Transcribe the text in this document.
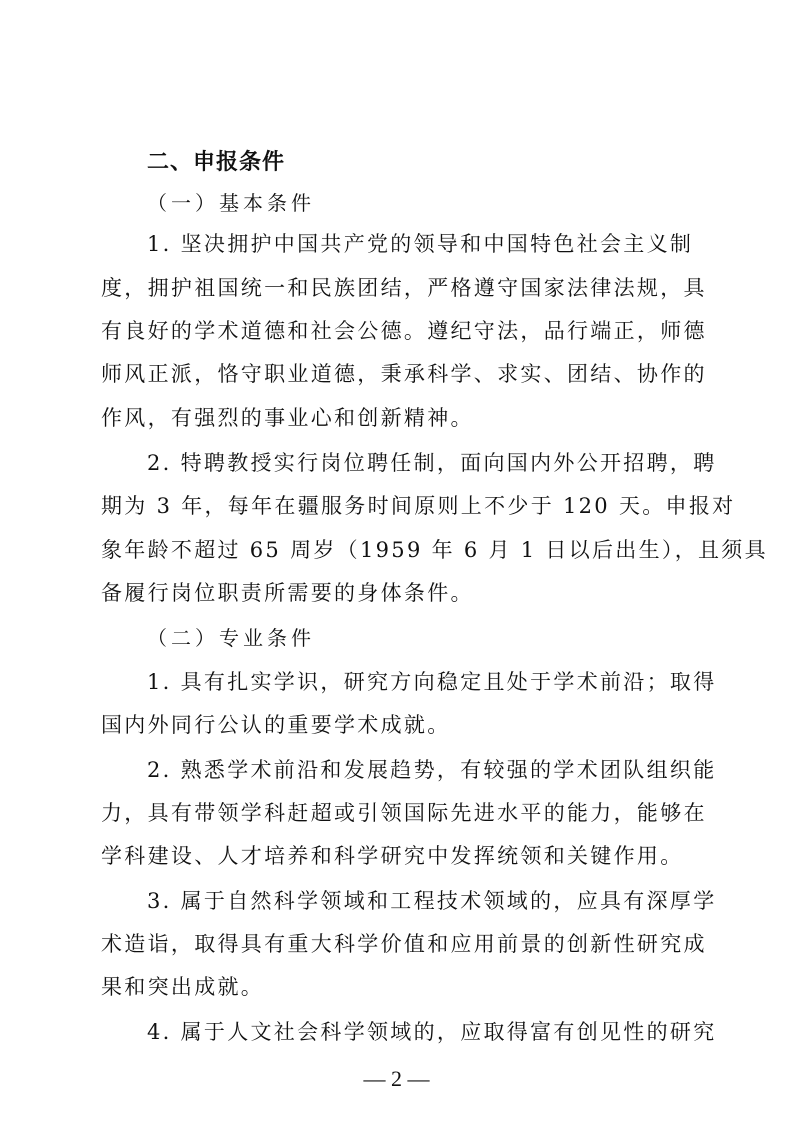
二、申报条件
（一）基本条件
1. 坚决拥护中国共产党的领导和中国特色社会主义制
度，拥护祖国统一和民族团结，严格遵守国家法律法规，具
有良好的学术道德和社会公德。遵纪守法，品行端正，师德
师风正派，恪守职业道德，秉承科学、求实、团结、协作的
作风，有强烈的事业心和创新精神。
2. 特聘教授实行岗位聘任制，面向国内外公开招聘，聘
期为 3 年，每年在疆服务时间原则上不少于 120 天。申报对
象年龄不超过 65 周岁（1959 年 6 月 1 日以后出生），且须具
备履行岗位职责所需要的身体条件。
（二）专业条件
1. 具有扎实学识，研究方向稳定且处于学术前沿；取得
国内外同行公认的重要学术成就。
2. 熟悉学术前沿和发展趋势，有较强的学术团队组织能
力，具有带领学科赶超或引领国际先进水平的能力，能够在
学科建设、人才培养和科学研究中发挥统领和关键作用。
3. 属于自然科学领域和工程技术领域的，应具有深厚学
术造诣，取得具有重大科学价值和应用前景的创新性研究成
果和突出成就。
4. 属于人文社会科学领域的，应取得富有创见性的研究
— 2 —
